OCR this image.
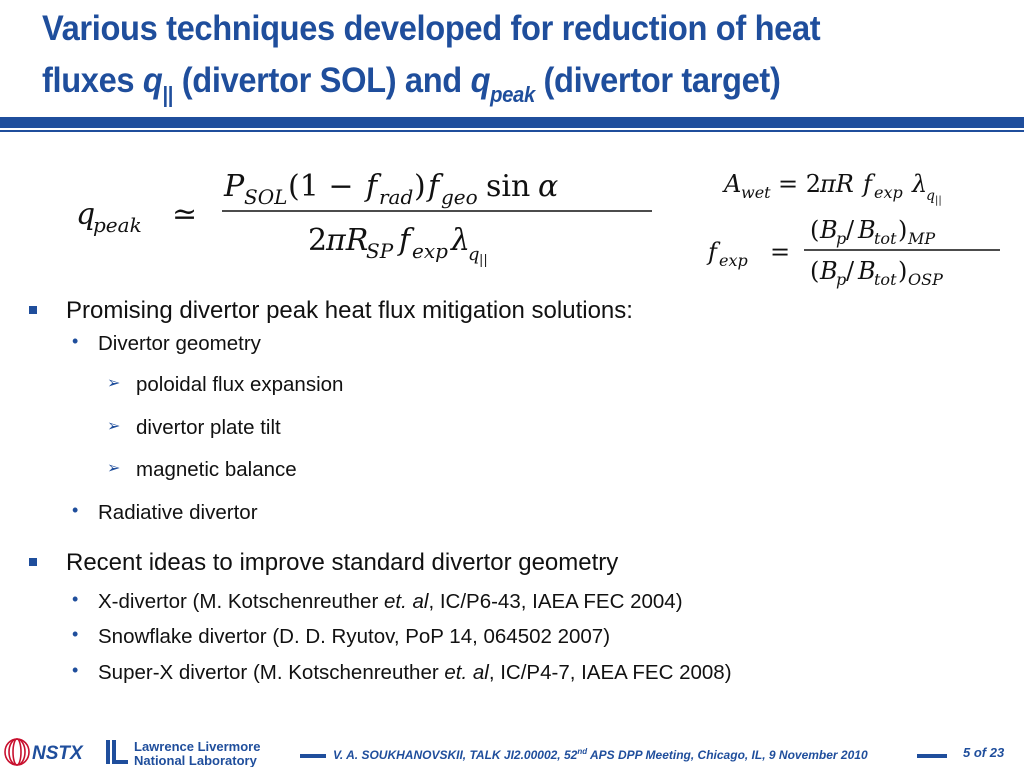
Various techniques developed for reduction of heat
fluxes $q_{||}$ (divertor SOL) and $q_{peak}$ (divertor target)
q
peak ≃
P SOL (1 − f rad ) f geo sin α
2
πR
SP f exp λ
q ||
A wet = 2
πR f exp λ
q ||
f exp =
( B
p / B
tot ) MP
( B
p / B
tot ) OSP
Promising divertor peak heat flux mitigation solutions:
• Divertor geometry
➢ poloidal flux expansion
➢ divertor plate tilt
➢ magnetic balance
• Radiative divertor
Recent ideas to improve standard divertor geometry
• X-divertor (M. Kotschenreuther et. al, IC/P6-43, IAEA FEC 2004)
• Snowflake divertor (D. D. Ryutov, PoP 14, 064502 2007)
• Super-X divertor (M. Kotschenreuther et. al, IC/P4-7, IAEA FEC 2008)
NSTX	Lawrence Livermore
National Laboratory	V. A. SOUKHANOVSKII, TALK JI2.00002, 52nd APS DPP Meeting, Chicago, IL, 9 November 2010	5 of 23
